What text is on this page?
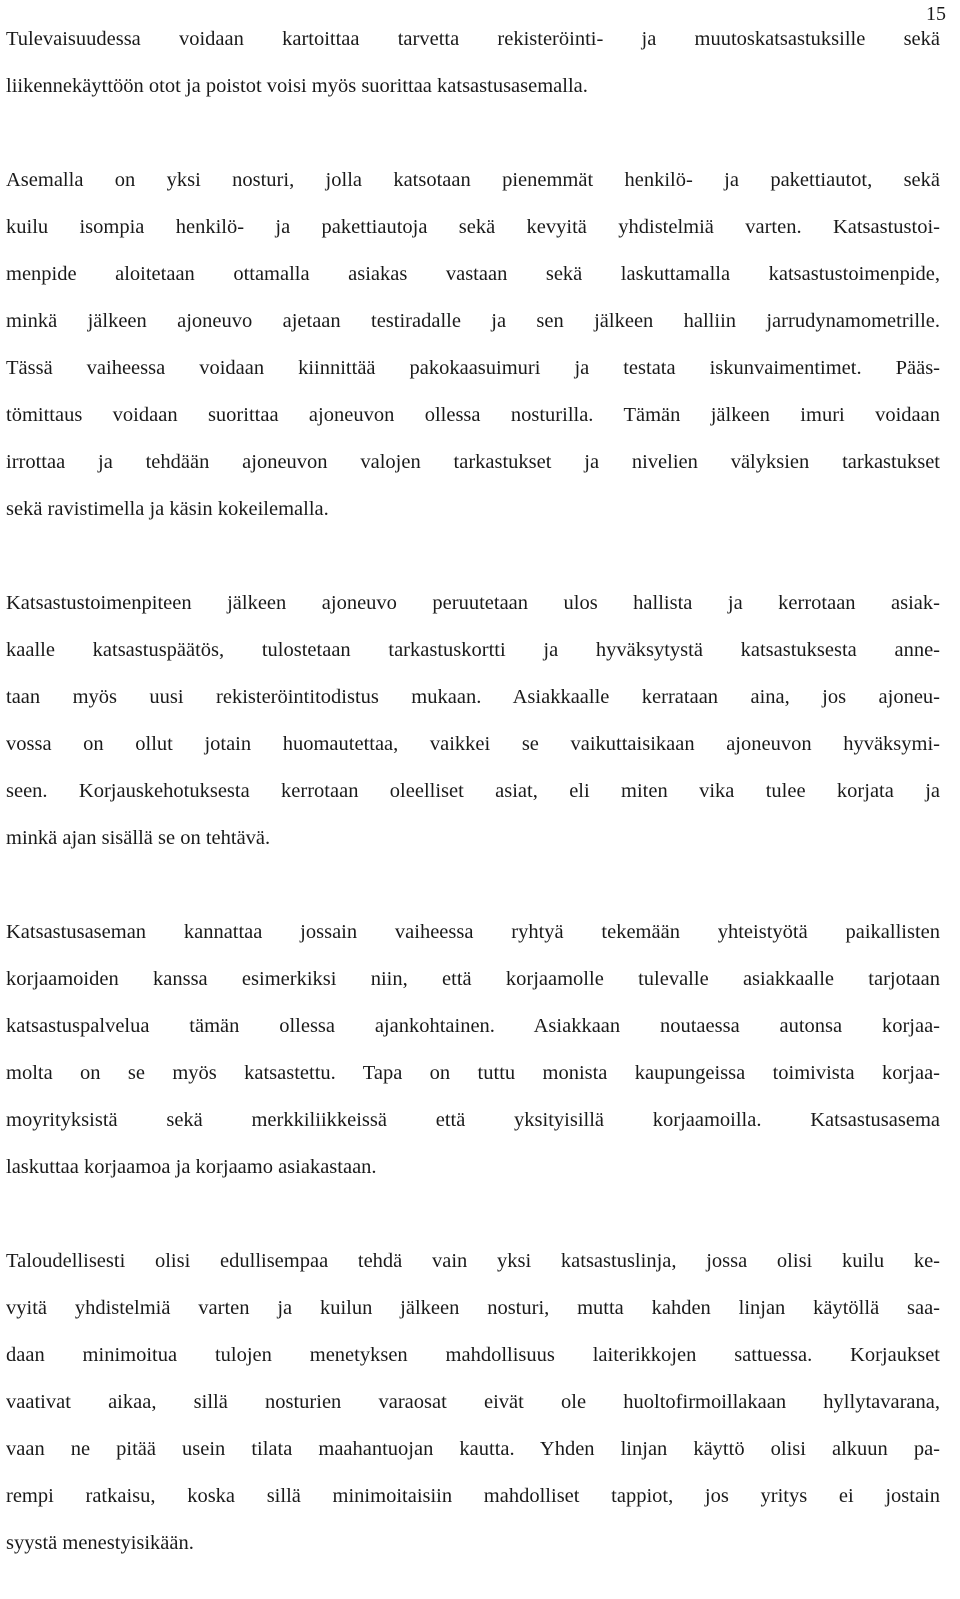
15
Tulevaisuudessa voidaan kartoittaa tarvetta rekisteröinti- ja muutoskatsastuksille sekä
liikennekäyttöön otot ja poistot voisi myös suorittaa katsastusasemalla.
Asemalla on yksi nosturi, jolla katsotaan pienemmät henkilö- ja pakettiautot, sekä
kuilu isompia henkilö- ja pakettiautoja sekä kevyitä yhdistelmiä varten. Katsastustoi-
menpide aloitetaan ottamalla asiakas vastaan sekä laskuttamalla katsastustoimenpide,
minkä jälkeen ajoneuvo ajetaan testiradalle ja sen jälkeen halliin jarrudynamometrille.
Tässä vaiheessa voidaan kiinnittää pakokaasuimuri ja testata iskunvaimentimet. Pääs-
tömittaus voidaan suorittaa ajoneuvon ollessa nosturilla. Tämän jälkeen imuri voidaan
irrottaa ja tehdään ajoneuvon valojen tarkastukset ja nivelien välyksien tarkastukset
sekä ravistimella ja käsin kokeilemalla.
Katsastustoimenpiteen jälkeen ajoneuvo peruutetaan ulos hallista ja kerrotaan asiak-
kaalle katsastuspäätös, tulostetaan tarkastuskortti ja hyväksytystä katsastuksesta anne-
taan myös uusi rekisteröintitodistus mukaan. Asiakkaalle kerrataan aina, jos ajoneu-
vossa on ollut jotain huomautettaa, vaikkei se vaikuttaisikaan ajoneuvon hyväksymi-
seen. Korjauskehotuksesta kerrotaan oleelliset asiat, eli miten vika tulee korjata ja
minkä ajan sisällä se on tehtävä.
Katsastusaseman kannattaa jossain vaiheessa ryhtyä tekemään yhteistyötä paikallisten
korjaamoiden kanssa esimerkiksi niin, että korjaamolle tulevalle asiakkaalle tarjotaan
katsastuspalvelua tämän ollessa ajankohtainen. Asiakkaan noutaessa autonsa korjaa-
molta on se myös katsastettu. Tapa on tuttu monista kaupungeissa toimivista korjaa-
moyrityksistä sekä merkkiliikkeissä että yksityisillä korjaamoilla. Katsastusasema
laskuttaa korjaamoa ja korjaamo asiakastaan.
Taloudellisesti olisi edullisempaa tehdä vain yksi katsastuslinja, jossa olisi kuilu ke-
vyitä yhdistelmiä varten ja kuilun jälkeen nosturi, mutta kahden linjan käytöllä saa-
daan minimoitua tulojen menetyksen mahdollisuus laiterikkojen sattuessa. Korjaukset
vaativat aikaa, sillä nosturien varaosat eivät ole huoltofirmoillakaan hyllytavarana,
vaan ne pitää usein tilata maahantuojan kautta. Yhden linjan käyttö olisi alkuun pa-
rempi ratkaisu, koska sillä minimoitaisiin mahdolliset tappiot, jos yritys ei jostain
syystä menestyisikään.
